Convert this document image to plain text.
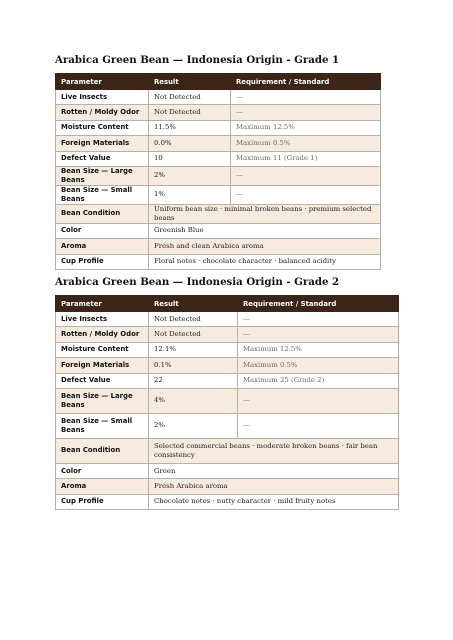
Arabica Green Bean — Indonesia Origin - Grade 1
Parameter	Result	Requirement / Standard
Live Insects	Not Detected	—
Rotten / Moldy Odor	Not Detected	—
Moisture Content	11.5%	Maximum 12.5%
Foreign Materials	0.0%	Maximum 0.5%
Defect Value	10	Maximum 11 (Grade 1)
Bean Size — Large Beans	2%	—
Bean Size — Small Beans	1%	—
Bean Condition	Uniform bean size · minimal broken beans · premium selected beans	
Color	Greenish Blue	
Aroma	Fresh and clean Arabica aroma	
Cup Profile	Floral notes · chocolate character · balanced acidity	
Arabica Green Bean — Indonesia Origin - Grade 2
Parameter	Result	Requirement / Standard
Live Insects	Not Detected	—
Rotten / Moldy Odor	Not Detected	—
Moisture Content	12.1%	Maximum 12.5%
Foreign Materials	0.1%	Maximum 0.5%
Defect Value	22	Maximum 25 (Grade 2)
Bean Size — Large Beans	4%	—
Bean Size — Small Beans	2%	—
Bean Condition	Selected commercial beans · moderate broken beans · fair bean consistency	
Color	Green	
Aroma	Fresh Arabica aroma	
Cup Profile	Chocolate notes · nutty character · mild fruity notes	
